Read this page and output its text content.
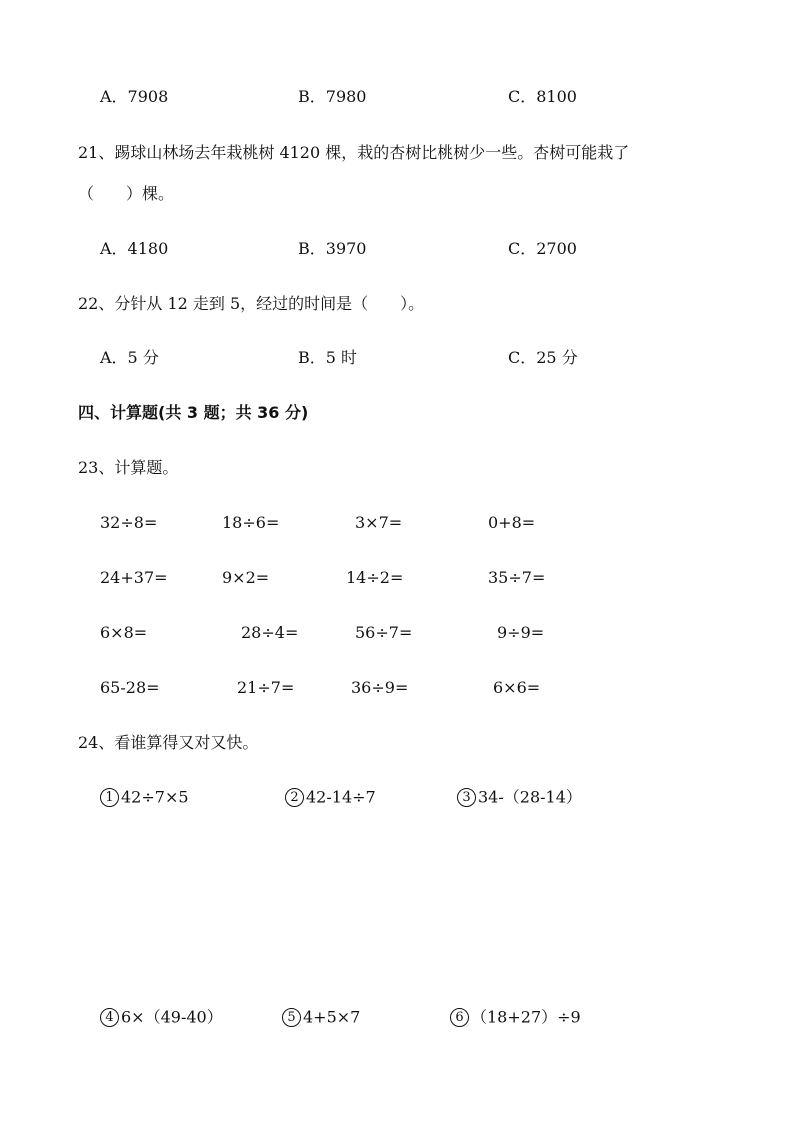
A．7908	B．7980	C．8100
21、踢球山林场去年栽桃树 4120 棵，栽的杏树比桃树少一些。杏树可能栽了
（　　）棵。
A．4180	B．3970	C．2700
22、分针从 12 走到 5，经过的时间是（　　）。
A．5 分	B．5 时	C．25 分
四、计算题(共 3 题；共 36 分)
23、计算题。
32÷8=	18÷6=	3×7=	0+8=
24+37=	9×2=	14÷2=	35÷7=
6×8=	28÷4=	56÷7=	9÷9=
65-28=	21÷7=	36÷9=	6×6=
24、看谁算得又对又快。
1 42÷7×5	2 42-14÷7	3 34-（28-14）
4 6×（49-40）	5 4+5×7	6 （18+27）÷9
